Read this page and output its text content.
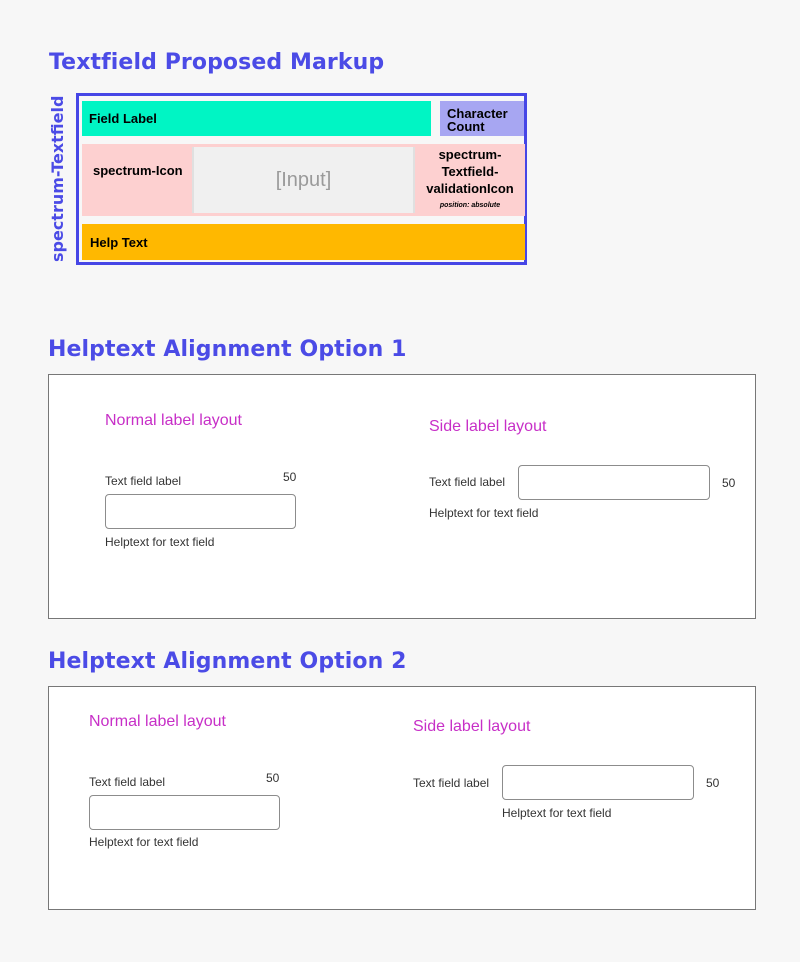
Textfield Proposed Markup
spectrum-Textfield	Field Label	Character Count
spectrum-Icon	[Input]
spectrum-Textfield-validationIcon
position: absolute
Help Text
Helptext Alignment Option 1
Normal label layout
Text field label	50
Helptext for text field
Side label layout
Text field label	50
Helptext for text field
Helptext Alignment Option 2
Normal label layout
Text field label	50
Helptext for text field
Side label layout
Text field label	50
Helptext for text field
